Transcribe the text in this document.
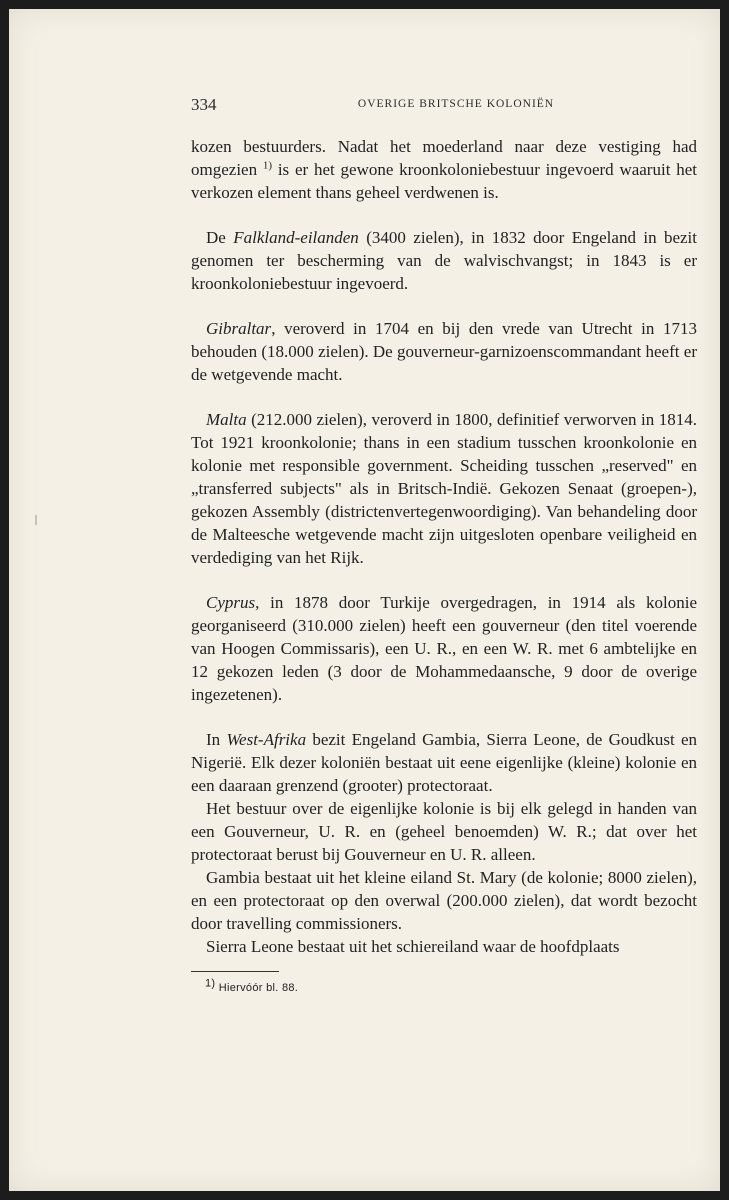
334	OVERIGE BRITSCHE KOLONIËN

kozen bestuurders. Nadat het moederland naar deze vestiging had omgezien $^{1)}$ is er het gewone kroonkoloniebestuur ingevoerd waaruit het verkozen element thans geheel verdwenen is.

De Falkland-eilanden (3400 zielen), in 1832 door Engeland in bezit genomen ter bescherming van de walvischvangst; in 1843 is er kroonkoloniebestuur ingevoerd.

Gibraltar, veroverd in 1704 en bij den vrede van Utrecht in 1713 behouden (18.000 zielen). De gouverneur-garnizoenscommandant heeft er de wetgevende macht.

Malta (212.000 zielen), veroverd in 1800, definitief verworven in 1814. Tot 1921 kroonkolonie; thans in een stadium tusschen kroonkolonie en kolonie met responsible government. Scheiding tusschen „reserved" en „transferred subjects" als in Britsch-Indië. Gekozen Senaat (groepen-), gekozen Assembly (districtenvertegenwoordiging). Van behandeling door de Malteesche wetgevende macht zijn uitgesloten openbare veiligheid en verdediging van het Rijk.

Cyprus, in 1878 door Turkije overgedragen, in 1914 als kolonie georganiseerd (310.000 zielen) heeft een gouverneur (den titel voerende van Hoogen Commissaris), een U. R., en een W. R. met 6 ambtelijke en 12 gekozen leden (3 door de Mohammedaansche, 9 door de overige ingezetenen).

In West-Afrika bezit Engeland Gambia, Sierra Leone, de Goudkust en Nigerië. Elk dezer koloniën bestaat uit eene eigenlijke (kleine) kolonie en een daaraan grenzend (grooter) protectoraat.

Het bestuur over de eigenlijke kolonie is bij elk gelegd in handen van een Gouverneur, U. R. en (geheel benoemden) W. R.; dat over het protectoraat berust bij Gouverneur en U. R. alleen.

Gambia bestaat uit het kleine eiland St. Mary (de kolonie; 8000 zielen), en een protectoraat op den overwal (200.000 zielen), dat wordt bezocht door travelling commissioners.

Sierra Leone bestaat uit het schiereiland waar de hoofdplaats

$^{1)}$ Hiervóór bl. 88.
